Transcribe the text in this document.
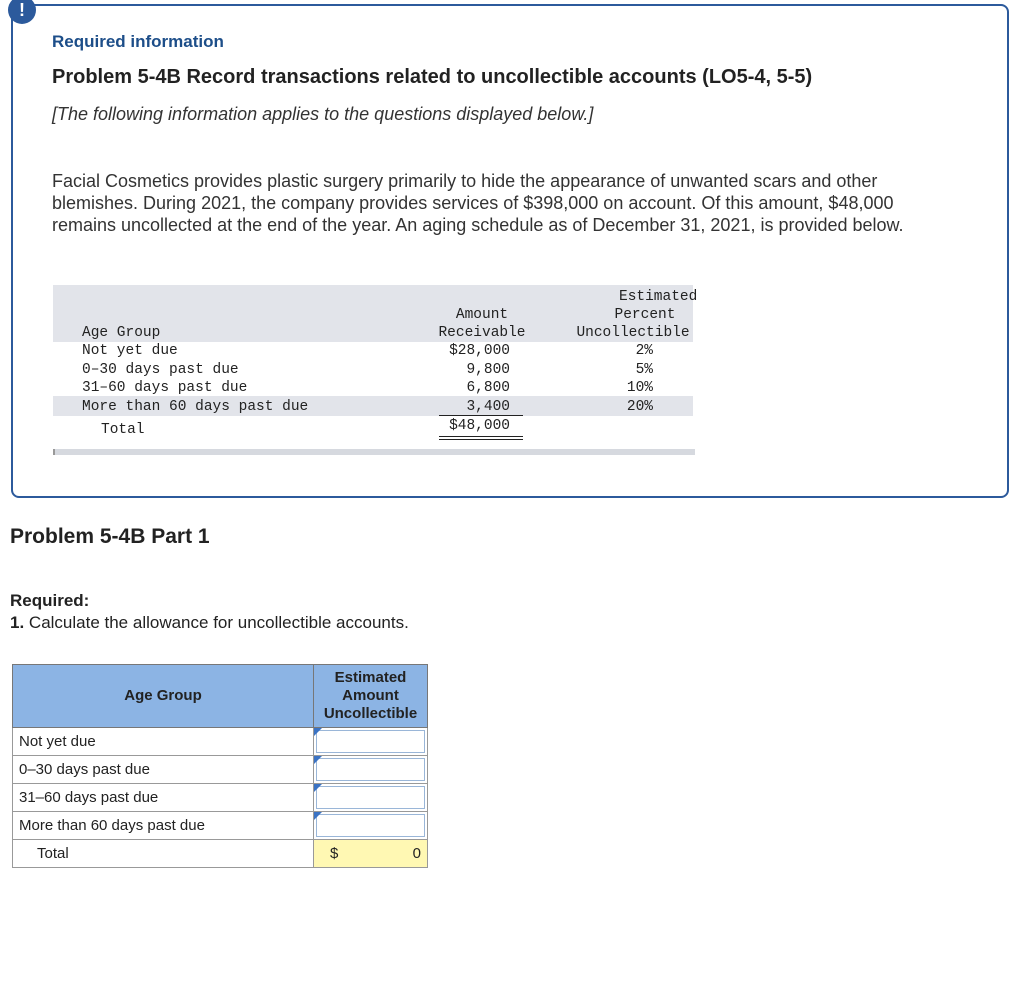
!
Required information
Problem 5-4B Record transactions related to uncollectible accounts (LO5-4, 5-5)
[The following information applies to the questions displayed below.]
Facial Cosmetics provides plastic surgery primarily to hide the appearance of unwanted scars and other blemishes. During 2021, the company provides services of $398,000 on account. Of this amount, $48,000 remains uncollected at the end of the year. An aging schedule as of December 31, 2021, is provided below.
Estimated
Amount	Percent
Age Group	Receivable	Uncollectible
Not yet due	$28,000	2%
0–30 days past due	9,800	5%
31–60 days past due	6,800	10%
More than 60 days past due	3,400	20%
Total	$48,000
Problem 5-4B Part 1
Required:
1. Calculate the allowance for uncollectible accounts.
Age Group	Estimated
Amount
Uncollectible

Not yet due	

0–30 days past due	

31–60 days past due	

More than 60 days past due	

Total	$ 0
